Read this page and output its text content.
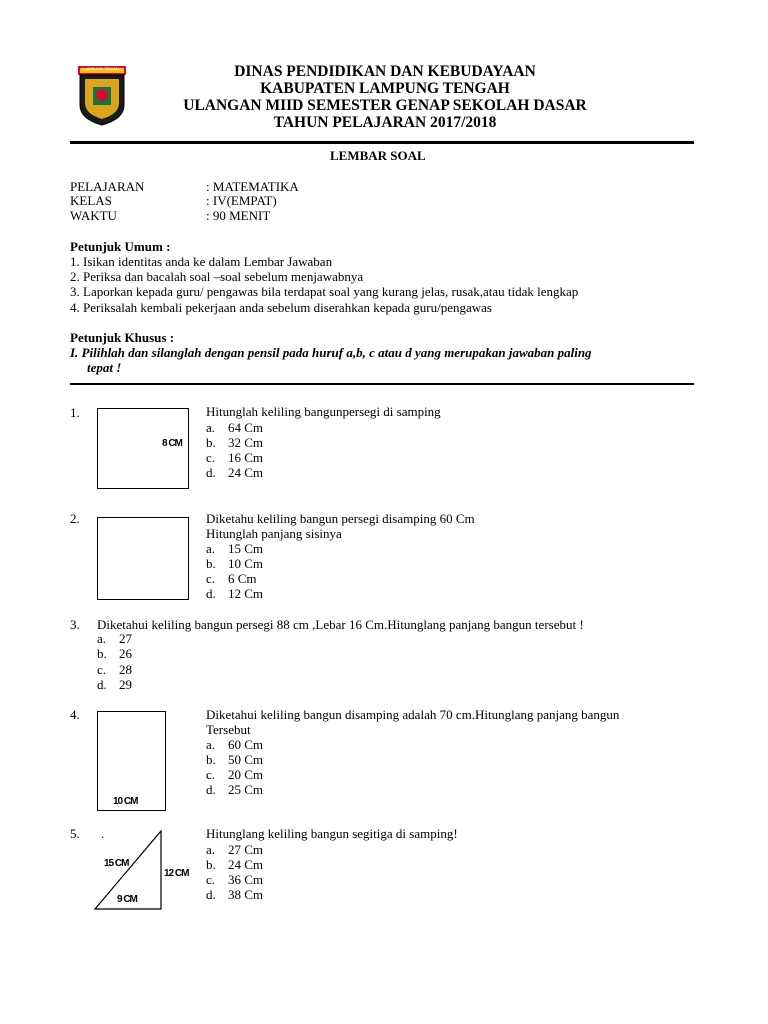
LAMPUNG TENGAH	DINAS PENDIDIKAN DAN KEBUDAYAAN
KABUPATEN LAMPUNG TENGAH
ULANGAN MIID SEMESTER GENAP SEKOLAH DASAR
TAHUN PELAJARAN 2017/2018
LEMBAR SOAL
PELAJARAN	: MATEMATIKA
KELAS	: IV(EMPAT)
WAKTU	: 90 MENIT
Petunjuk Umum :
1. Isikan identitas anda ke dalam Lembar Jawaban
2. Periksa dan bacalah soal –soal sebelum menjawabnya
3. Laporkan kepada guru/ pengawas bila terdapat soal yang kurang jelas, rusak,atau tidak lengkap
4. Periksalah kembali pekerjaan anda sebelum diserahkan kepada guru/pengawas
Petunjuk Khusus :
I. Pilihlah dan silanglah dengan pensil pada huruf a,b, c atau d yang merupakan jawaban paling
tepat !
1.
8 CM
Hitunglah keliling bangunpersegi di samping
a. 64 Cm
b. 32 Cm
c. 16 Cm
d. 24 Cm
2.	Diketahu keliling bangun persegi disamping 60 Cm
Hitunglah panjang sisinya
a. 15 Cm
b. 10 Cm
c. 6 Cm
d. 12 Cm
3. Diketahui keliling bangun persegi 88 cm ,Lebar 16 Cm.Hitunglang panjang bangun tersebut !
a. 27
b. 26
c. 28
d. 29
4.
10 CM
Diketahui keliling bangun disamping adalah 70 cm.Hitunglang panjang bangun
Tersebut
a. 60 Cm
b. 50 Cm
c. 20 Cm
d. 25 Cm
5. .
15 CM
12 CM
9 CM
Hitunglang keliling bangun segitiga di samping!
a. 27 Cm
b. 24 Cm
c. 36 Cm
d. 38 Cm
